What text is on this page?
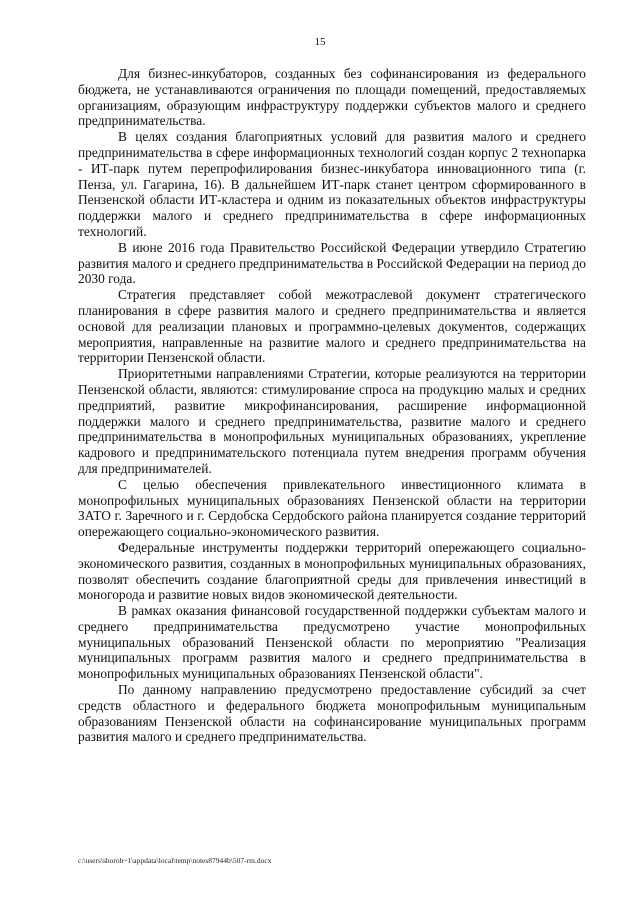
15

Для бизнес-инкубаторов, созданных без софинансирования из федерального бюджета, не устанавливаются ограничения по площади помещений, предоставляемых организациям, образующим инфраструктуру поддержки субъектов малого и среднего предпринимательства.

В целях создания благоприятных условий для развития малого и среднего предпринимательства в сфере информационных технологий создан корпус 2 технопарка - ИТ-парк путем перепрофилирования бизнес-инкубатора инновационного типа (г. Пенза, ул. Гагарина, 16). В дальнейшем ИТ-парк станет центром сформированного в Пензенской области ИТ-кластера и одним из показательных объектов инфраструктуры поддержки малого и среднего предпринимательства в сфере информационных технологий.

В июне 2016 года Правительство Российской Федерации утвердило Стратегию развития малого и среднего предпринимательства в Российской Федерации на период до 2030 года.

Стратегия представляет собой межотраслевой документ стратегического планирования в сфере развития малого и среднего предпринимательства и является основой для реализации плановых и программно-целевых документов, содержащих мероприятия, направленные на развитие малого и среднего предпринимательства на территории Пензенской области.

Приоритетными направлениями Стратегии, которые реализуются на территории Пензенской области, являются: стимулирование спроса на продукцию малых и средних предприятий, развитие микрофинансирования, расширение информационной поддержки малого и среднего предпринимательства, развитие малого и среднего предпринимательства в монопрофильных муниципальных образованиях, укрепление кадрового и предпринимательского потенциала путем внедрения программ обучения для предпринимателей.

С целью обеспечения привлекательного инвестиционного климата в монопрофильных муниципальных образованиях Пензенской области на территории ЗАТО г. Заречного и г. Сердобска Сердобского района планируется создание территорий опережающего социально-экономического развития.

Федеральные инструменты поддержки территорий опережающего социально-экономического развития, созданных в монопрофильных муниципальных образованиях, позволят обеспечить создание благоприятной среды для привлечения инвестиций в моногорода и развитие новых видов экономической деятельности.

В рамках оказания финансовой государственной поддержки субъектам малого и среднего предпринимательства предусмотрено участие монопрофильных муниципальных образований Пензенской области по мероприятию "Реализация муниципальных программ развития малого и среднего предпринимательства в монопрофильных муниципальных образованиях Пензенской области".

По данному направлению предусмотрено предоставление субсидий за счет средств областного и федерального бюджета монопрофильным муниципальным образованиям Пензенской области на софинансирование муниципальных программ развития малого и среднего предпринимательства.

c:\users\shorob~1\appdata\local\temp\notes87944b\507-rm.docx
